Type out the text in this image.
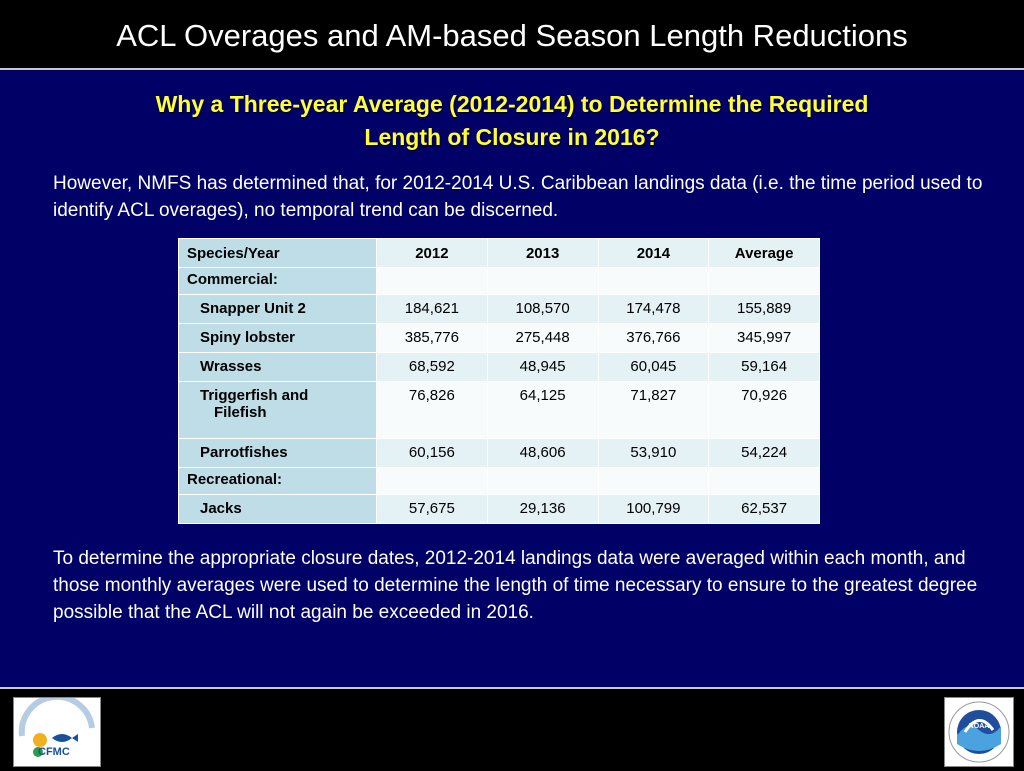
ACL Overages and AM-based Season Length Reductions
Why a Three-year Average (2012-2014) to Determine the Required
Length of Closure in 2016?
However, NMFS has determined that, for 2012-2014 U.S. Caribbean landings data (i.e. the time period used to identify ACL overages), no temporal trend can be discerned.
Species/Year	2012	2013	2014	Average
Commercial:				
Snapper Unit 2	184,621	108,570	174,478	155,889
Spiny lobster	385,776	275,448	376,766	345,997
Wrasses	68,592	48,945	60,045	59,164
Triggerfish and
Filefish	76,826	64,125	71,827	70,926
Parrotfishes	60,156	48,606	53,910	54,224
Recreational:				
Jacks	57,675	29,136	100,799	62,537
To determine the appropriate closure dates, 2012-2014 landings data were averaged within each month, and those monthly averages were used to determine the length of time necessary to ensure to the greatest degree possible that the ACL will not again be exceeded in 2016.
CFMC
NOAA
